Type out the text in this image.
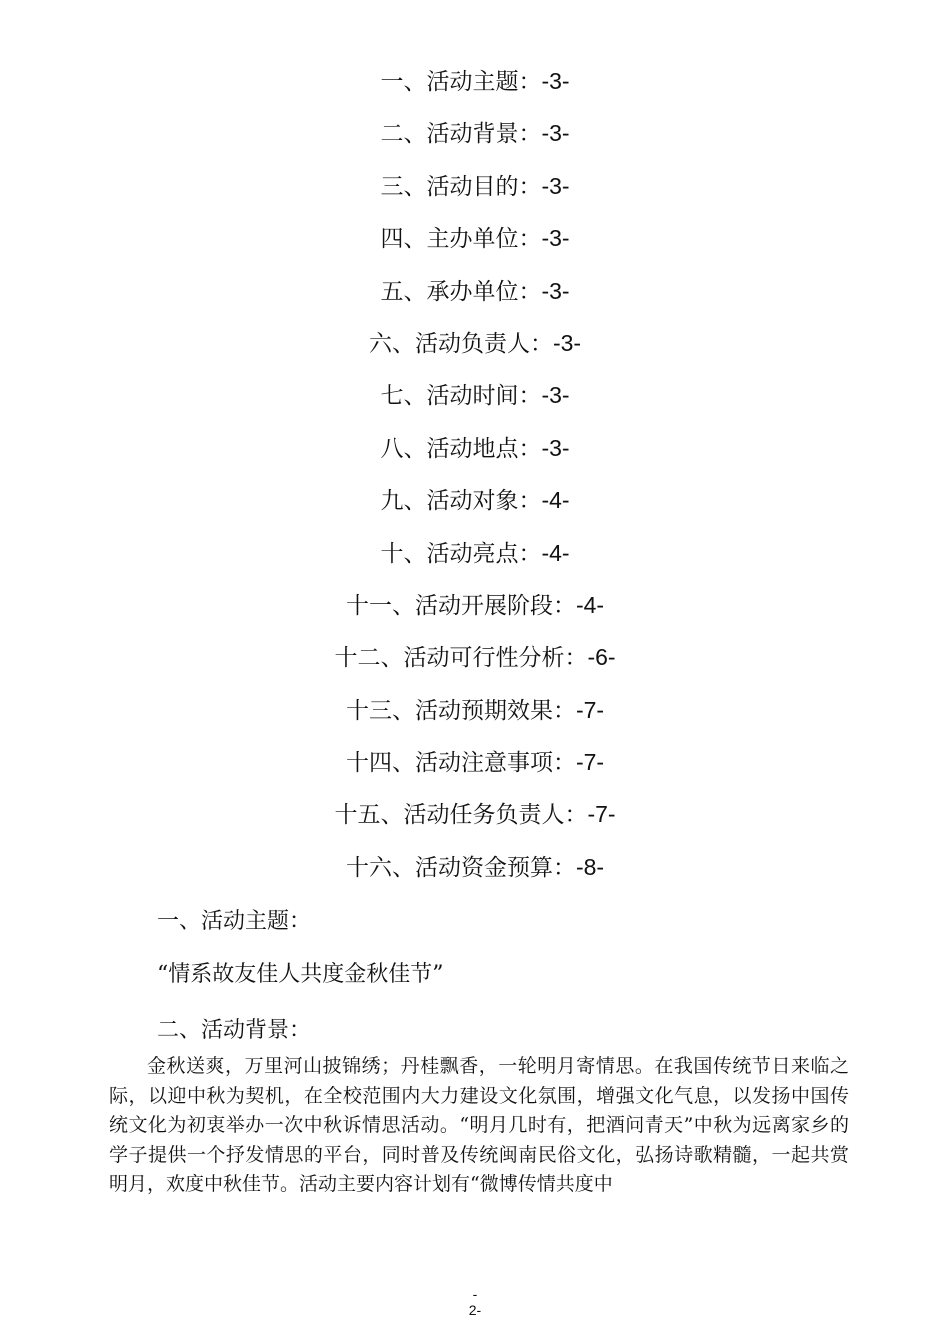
一、活动主题：-3-
二、活动背景：-3-
三、活动目的：-3-
四、主办单位：-3-
五、承办单位：-3-
六、活动负责人：-3-
七、活动时间：-3-
八、活动地点：-3-
九、活动对象：-4-
十、活动亮点：-4-
十一、活动开展阶段：-4-
十二、活动可行性分析：-6-
十三、活动预期效果：-7-
十四、活动注意事项：-7-
十五、活动任务负责人：-7-
十六、活动资金预算：-8-
一、活动主题：
“情系故友佳人共度金秋佳节”
二、活动背景：

金秋送爽，万里河山披锦绣；丹桂飘香，一轮明月寄情思。在我国传统节日来临之际，以迎中秋为契机，在全校范围内大力建设文化氛围，增强文化气息，以发扬中国传统文化为初衷举办一次中秋诉情思活动。“明月几时有，把酒问青天”中秋为远离家乡的学子提供一个抒发情思的平台，同时普及传统闽南民俗文化，弘扬诗歌精髓，一起共赏明月，欢度中秋佳节。活动主要内容计划有“微博传情共度中

-
2-
